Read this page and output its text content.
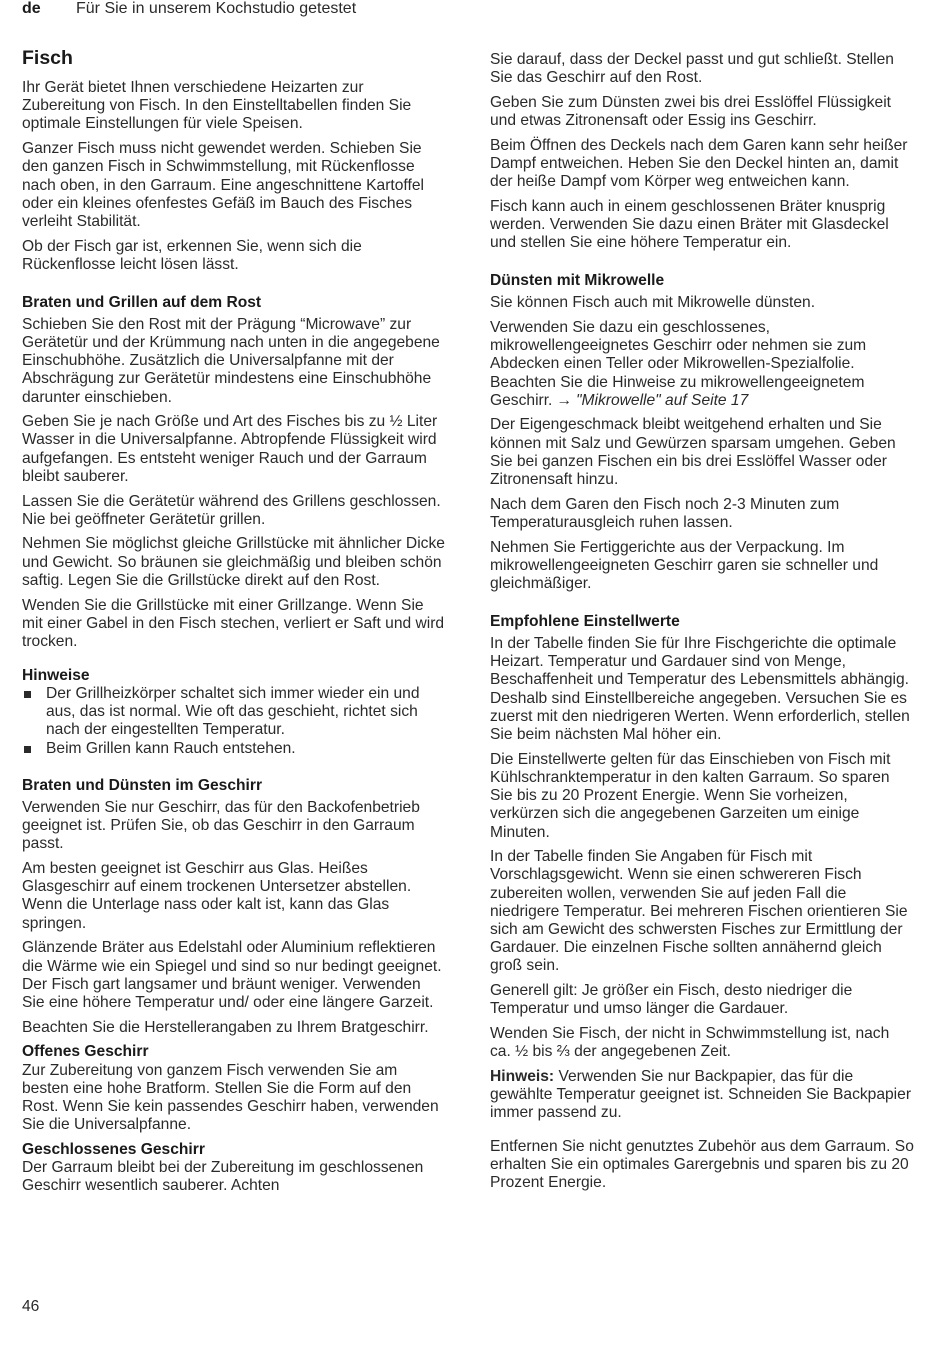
de Für Sie in unserem Kochstudio getestet
Fisch

Ihr Gerät bietet Ihnen verschiedene Heizarten zur Zubereitung von Fisch. In den Einstelltabellen finden Sie optimale Einstellungen für viele Speisen.

Ganzer Fisch muss nicht gewendet werden. Schieben Sie den ganzen Fisch in Schwimmstellung, mit Rückenflosse nach oben, in den Garraum. Eine angeschnittene Kartoffel oder ein kleines ofenfestes Gefäß im Bauch des Fisches verleiht Stabilität.

Ob der Fisch gar ist, erkennen Sie, wenn sich die Rückenflosse leicht lösen lässt.

Braten und Grillen auf dem Rost

Schieben Sie den Rost mit der Prägung “Microwave” zur Gerätetür und der Krümmung nach unten in die angegebene Einschubhöhe. Zusätzlich die Universalpfanne mit der Abschrägung zur Gerätetür mindestens eine Einschubhöhe darunter einschieben.

Geben Sie je nach Größe und Art des Fisches bis zu ½ Liter Wasser in die Universalpfanne. Abtropfende Flüssigkeit wird aufgefangen. Es entsteht weniger Rauch und der Garraum bleibt sauberer.

Lassen Sie die Gerätetür während des Grillens geschlossen. Nie bei geöffneter Gerätetür grillen.

Nehmen Sie möglichst gleiche Grillstücke mit ähnlicher Dicke und Gewicht. So bräunen sie gleichmäßig und bleiben schön saftig. Legen Sie die Grillstücke direkt auf den Rost.

Wenden Sie die Grillstücke mit einer Grillzange. Wenn Sie mit einer Gabel in den Fisch stechen, verliert er Saft und wird trocken.

Hinweise
Der Grillheizkörper schaltet sich immer wieder ein und aus, das ist normal. Wie oft das geschieht, richtet sich nach der eingestellten Temperatur.
Beim Grillen kann Rauch entstehen.
Braten und Dünsten im Geschirr

Verwenden Sie nur Geschirr, das für den Backofenbetrieb geeignet ist. Prüfen Sie, ob das Geschirr in den Garraum passt.

Am besten geeignet ist Geschirr aus Glas. Heißes Glasgeschirr auf einem trockenen Untersetzer abstellen. Wenn die Unterlage nass oder kalt ist, kann das Glas springen.

Glänzende Bräter aus Edelstahl oder Aluminium reflektieren die Wärme wie ein Spiegel und sind so nur bedingt geeignet. Der Fisch gart langsamer und bräunt weniger. Verwenden Sie eine höhere Temperatur und/ oder eine längere Garzeit.

Beachten Sie die Herstellerangaben zu Ihrem Bratgeschirr.

Offenes Geschirr

Zur Zubereitung von ganzem Fisch verwenden Sie am besten eine hohe Bratform. Stellen Sie die Form auf den Rost. Wenn Sie kein passendes Geschirr haben, verwenden Sie die Universalpfanne.

Geschlossenes Geschirr

Der Garraum bleibt bei der Zubereitung im geschlossenen Geschirr wesentlich sauberer. Achten

Sie darauf, dass der Deckel passt und gut schließt. Stellen Sie das Geschirr auf den Rost.

Geben Sie zum Dünsten zwei bis drei Esslöffel Flüssigkeit und etwas Zitronensaft oder Essig ins Geschirr.

Beim Öffnen des Deckels nach dem Garen kann sehr heißer Dampf entweichen. Heben Sie den Deckel hinten an, damit der heiße Dampf vom Körper weg entweichen kann.

Fisch kann auch in einem geschlossenen Bräter knusprig werden. Verwenden Sie dazu einen Bräter mit Glasdeckel und stellen Sie eine höhere Temperatur ein.

Dünsten mit Mikrowelle

Sie können Fisch auch mit Mikrowelle dünsten.

Verwenden Sie dazu ein geschlossenes, mikrowellengeeignetes Geschirr oder nehmen sie zum Abdecken einen Teller oder Mikrowellen-Spezialfolie. Beachten Sie die Hinweise zu mikrowellengeeignetem Geschirr. → "Mikrowelle" auf Seite 17

Der Eigengeschmack bleibt weitgehend erhalten und Sie können mit Salz und Gewürzen sparsam umgehen. Geben Sie bei ganzen Fischen ein bis drei Esslöffel Wasser oder Zitronensaft hinzu.

Nach dem Garen den Fisch noch 2-3 Minuten zum Temperaturausgleich ruhen lassen.

Nehmen Sie Fertiggerichte aus der Verpackung. Im mikrowellengeeigneten Geschirr garen sie schneller und gleichmäßiger.

Empfohlene Einstellwerte

In der Tabelle finden Sie für Ihre Fischgerichte die optimale Heizart. Temperatur und Gardauer sind von Menge, Beschaffenheit und Temperatur des Lebensmittels abhängig. Deshalb sind Einstellbereiche angegeben. Versuchen Sie es zuerst mit den niedrigeren Werten. Wenn erforderlich, stellen Sie beim nächsten Mal höher ein.

Die Einstellwerte gelten für das Einschieben von Fisch mit Kühlschranktemperatur in den kalten Garraum. So sparen Sie bis zu 20 Prozent Energie. Wenn Sie vorheizen, verkürzen sich die angegebenen Garzeiten um einige Minuten.

In der Tabelle finden Sie Angaben für Fisch mit Vorschlagsgewicht. Wenn sie einen schwereren Fisch zubereiten wollen, verwenden Sie auf jeden Fall die niedrigere Temperatur. Bei mehreren Fischen orientieren Sie sich am Gewicht des schwersten Fisches zur Ermittlung der Gardauer. Die einzelnen Fische sollten annähernd gleich groß sein.

Generell gilt: Je größer ein Fisch, desto niedriger die Temperatur und umso länger die Gardauer.

Wenden Sie Fisch, der nicht in Schwimmstellung ist, nach ca. ½ bis ⅔ der angegebenen Zeit.

Hinweis: Verwenden Sie nur Backpapier, das für die gewählte Temperatur geeignet ist. Schneiden Sie Backpapier immer passend zu.

Entfernen Sie nicht genutztes Zubehör aus dem Garraum. So erhalten Sie ein optimales Garergebnis und sparen bis zu 20 Prozent Energie.

46
